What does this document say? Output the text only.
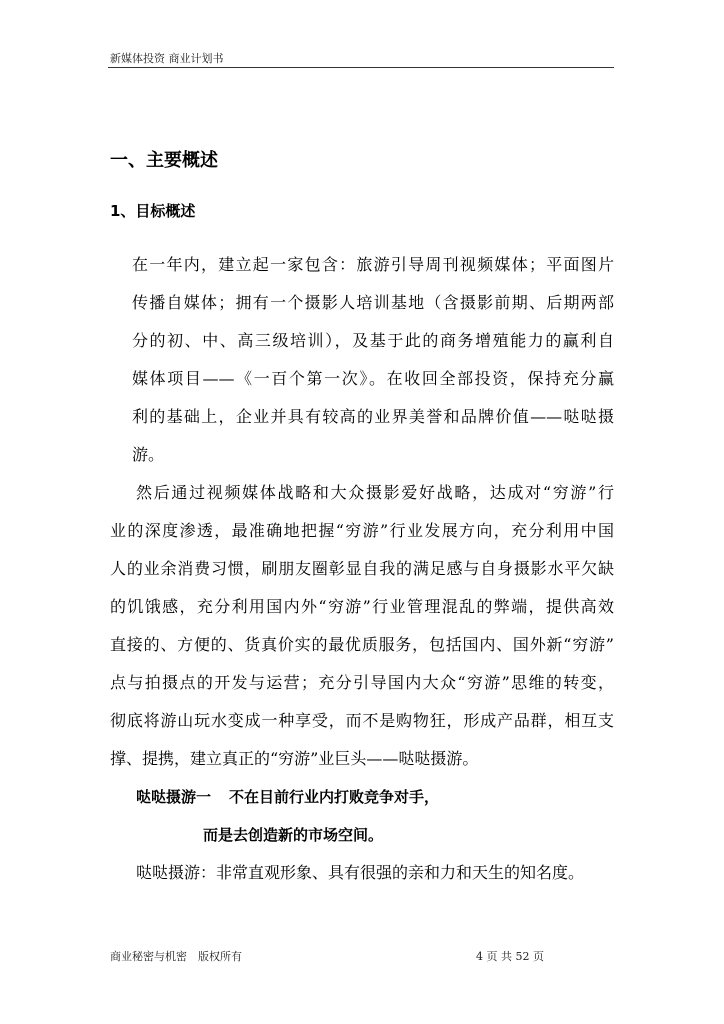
新媒体投资 商业计划书
一、主要概述
1、目标概述
在一年内，建立起一家包含：旅游引导周刊视频媒体；平面图片
传播自媒体；拥有一个摄影人培训基地（含摄影前期、后期两部
分的初、中、高三级培训），及基于此的商务增殖能力的赢利自
媒体项目——《一百个第一次》。在收回全部投资，保持充分赢
利的基础上，企业并具有较高的业界美誉和品牌价值——哒哒摄
游。
然后通过视频媒体战略和大众摄影爱好战略，达成对“穷游”行
业的深度渗透，最准确地把握“穷游”行业发展方向，充分利用中国
人的业余消费习惯，刷朋友圈彰显自我的满足感与自身摄影水平欠缺
的饥饿感，充分利用国内外“穷游”行业管理混乱的弊端，提供高效
直接的、方便的、货真价实的最优质服务，包括国内、国外新“穷游”
点与拍摄点的开发与运营；充分引导国内大众“穷游”思维的转变，
彻底将游山玩水变成一种享受，而不是购物狂，形成产品群，相互支
撑、提携，建立真正的“穷游”业巨头——哒哒摄游。
哒哒摄游一 不在目前行业内打败竞争对手，
而是去创造新的市场空间。
哒哒摄游：非常直观形象、具有很强的亲和力和天生的知名度。
商业秘密与机密　版权所有	4 页 共 52 页
